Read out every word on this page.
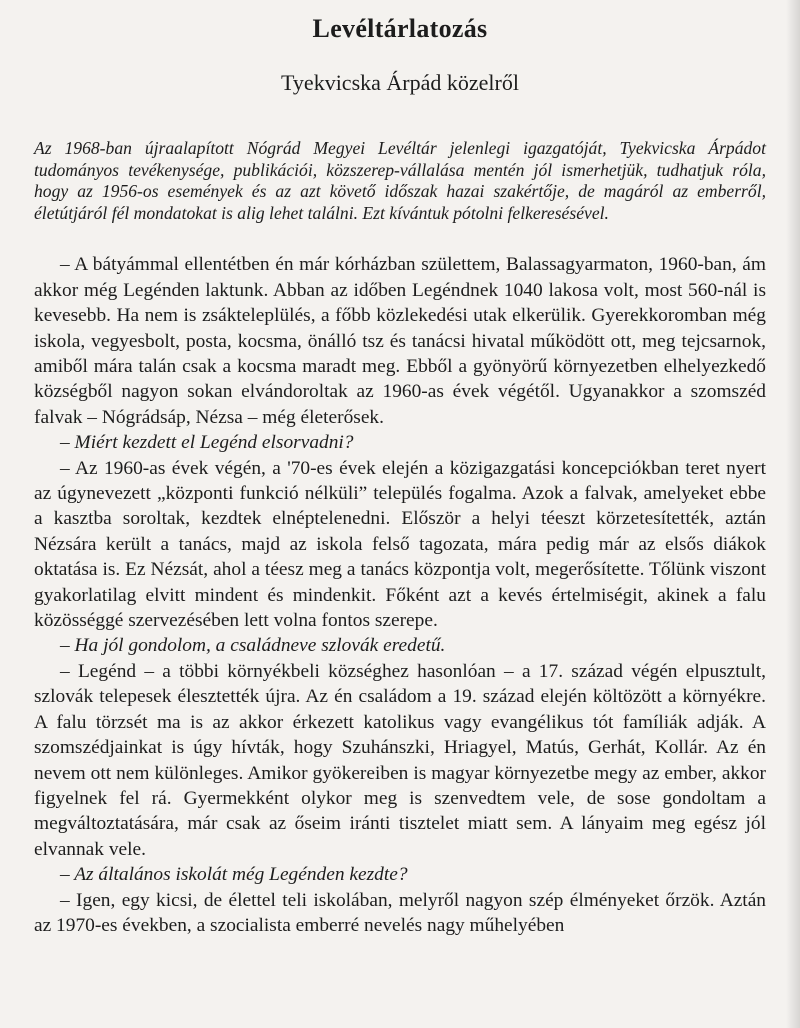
Levéltárlatozás
Tyekvicska Árpád közelről

Az 1968-ban újraalapított Nógrád Megyei Levéltár jelenlegi igazgatóját, Tyekvicska Árpádot tudományos tevékenysége, publikációi, közszerep-vállalása mentén jól ismerhetjük, tudhatjuk róla, hogy az 1956-os események és az azt követő időszak hazai szakértője, de magáról az emberről, életútjáról fél mondatokat is alig lehet találni. Ezt kívántuk pótolni felkeresésével.

– A bátyámmal ellentétben én már kórházban születtem, Balassagyarmaton, 1960-ban, ám akkor még Legénden laktunk. Abban az időben Legéndnek 1040 lakosa volt, most 560-nál is kevesebb. Ha nem is zsákteleplülés, a főbb közlekedési utak elkerülik. Gyerekkoromban még iskola, vegyesbolt, posta, kocsma, önálló tsz és tanácsi hivatal működött ott, meg tejcsarnok, amiből mára talán csak a kocsma maradt meg. Ebből a gyönyörű környezetben elhelyezkedő községből nagyon sokan elvándoroltak az 1960-as évek végétől. Ugyanakkor a szomszéd falvak – Nógrádsáp, Nézsa – még életerősek.

– Miért kezdett el Legénd elsorvadni?

– Az 1960-as évek végén, a '70-es évek elején a közigazgatási koncepciókban teret nyert az úgynevezett „központi funkció nélküli” település fogalma. Azok a falvak, amelyeket ebbe a kasztba soroltak, kezdtek elnéptelenedni. Először a helyi téeszt körzetesítették, aztán Nézsára került a tanács, majd az iskola felső tagozata, mára pedig már az elsős diákok oktatása is. Ez Nézsát, ahol a téesz meg a tanács központja volt, megerősítette. Tőlünk viszont gyakorlatilag elvitt mindent és mindenkit. Főként azt a kevés értelmiségit, akinek a falu közösséggé szervezésében lett volna fontos szerepe.

– Ha jól gondolom, a családneve szlovák eredetű.

– Legénd – a többi környékbeli községhez hasonlóan – a 17. század végén elpusztult, szlovák telepesek élesztették újra. Az én családom a 19. század elején költözött a környékre. A falu törzsét ma is az akkor érkezett katolikus vagy evangélikus tót famíliák adják. A szomszédjainkat is úgy hívták, hogy Szuhánszki, Hriagyel, Matús, Gerhát, Kollár. Az én nevem ott nem különleges. Amikor gyökereiben is magyar környezetbe megy az ember, akkor figyelnek fel rá. Gyermekként olykor meg is szenvedtem vele, de sose gondoltam a megváltoztatására, már csak az őseim iránti tisztelet miatt sem. A lányaim meg egész jól elvannak vele.

– Az általános iskolát még Legénden kezdte?

– Igen, egy kicsi, de élettel teli iskolában, melyről nagyon szép élményeket őrzök. Aztán az 1970-es években, a szocialista emberré nevelés nagy műhelyében
